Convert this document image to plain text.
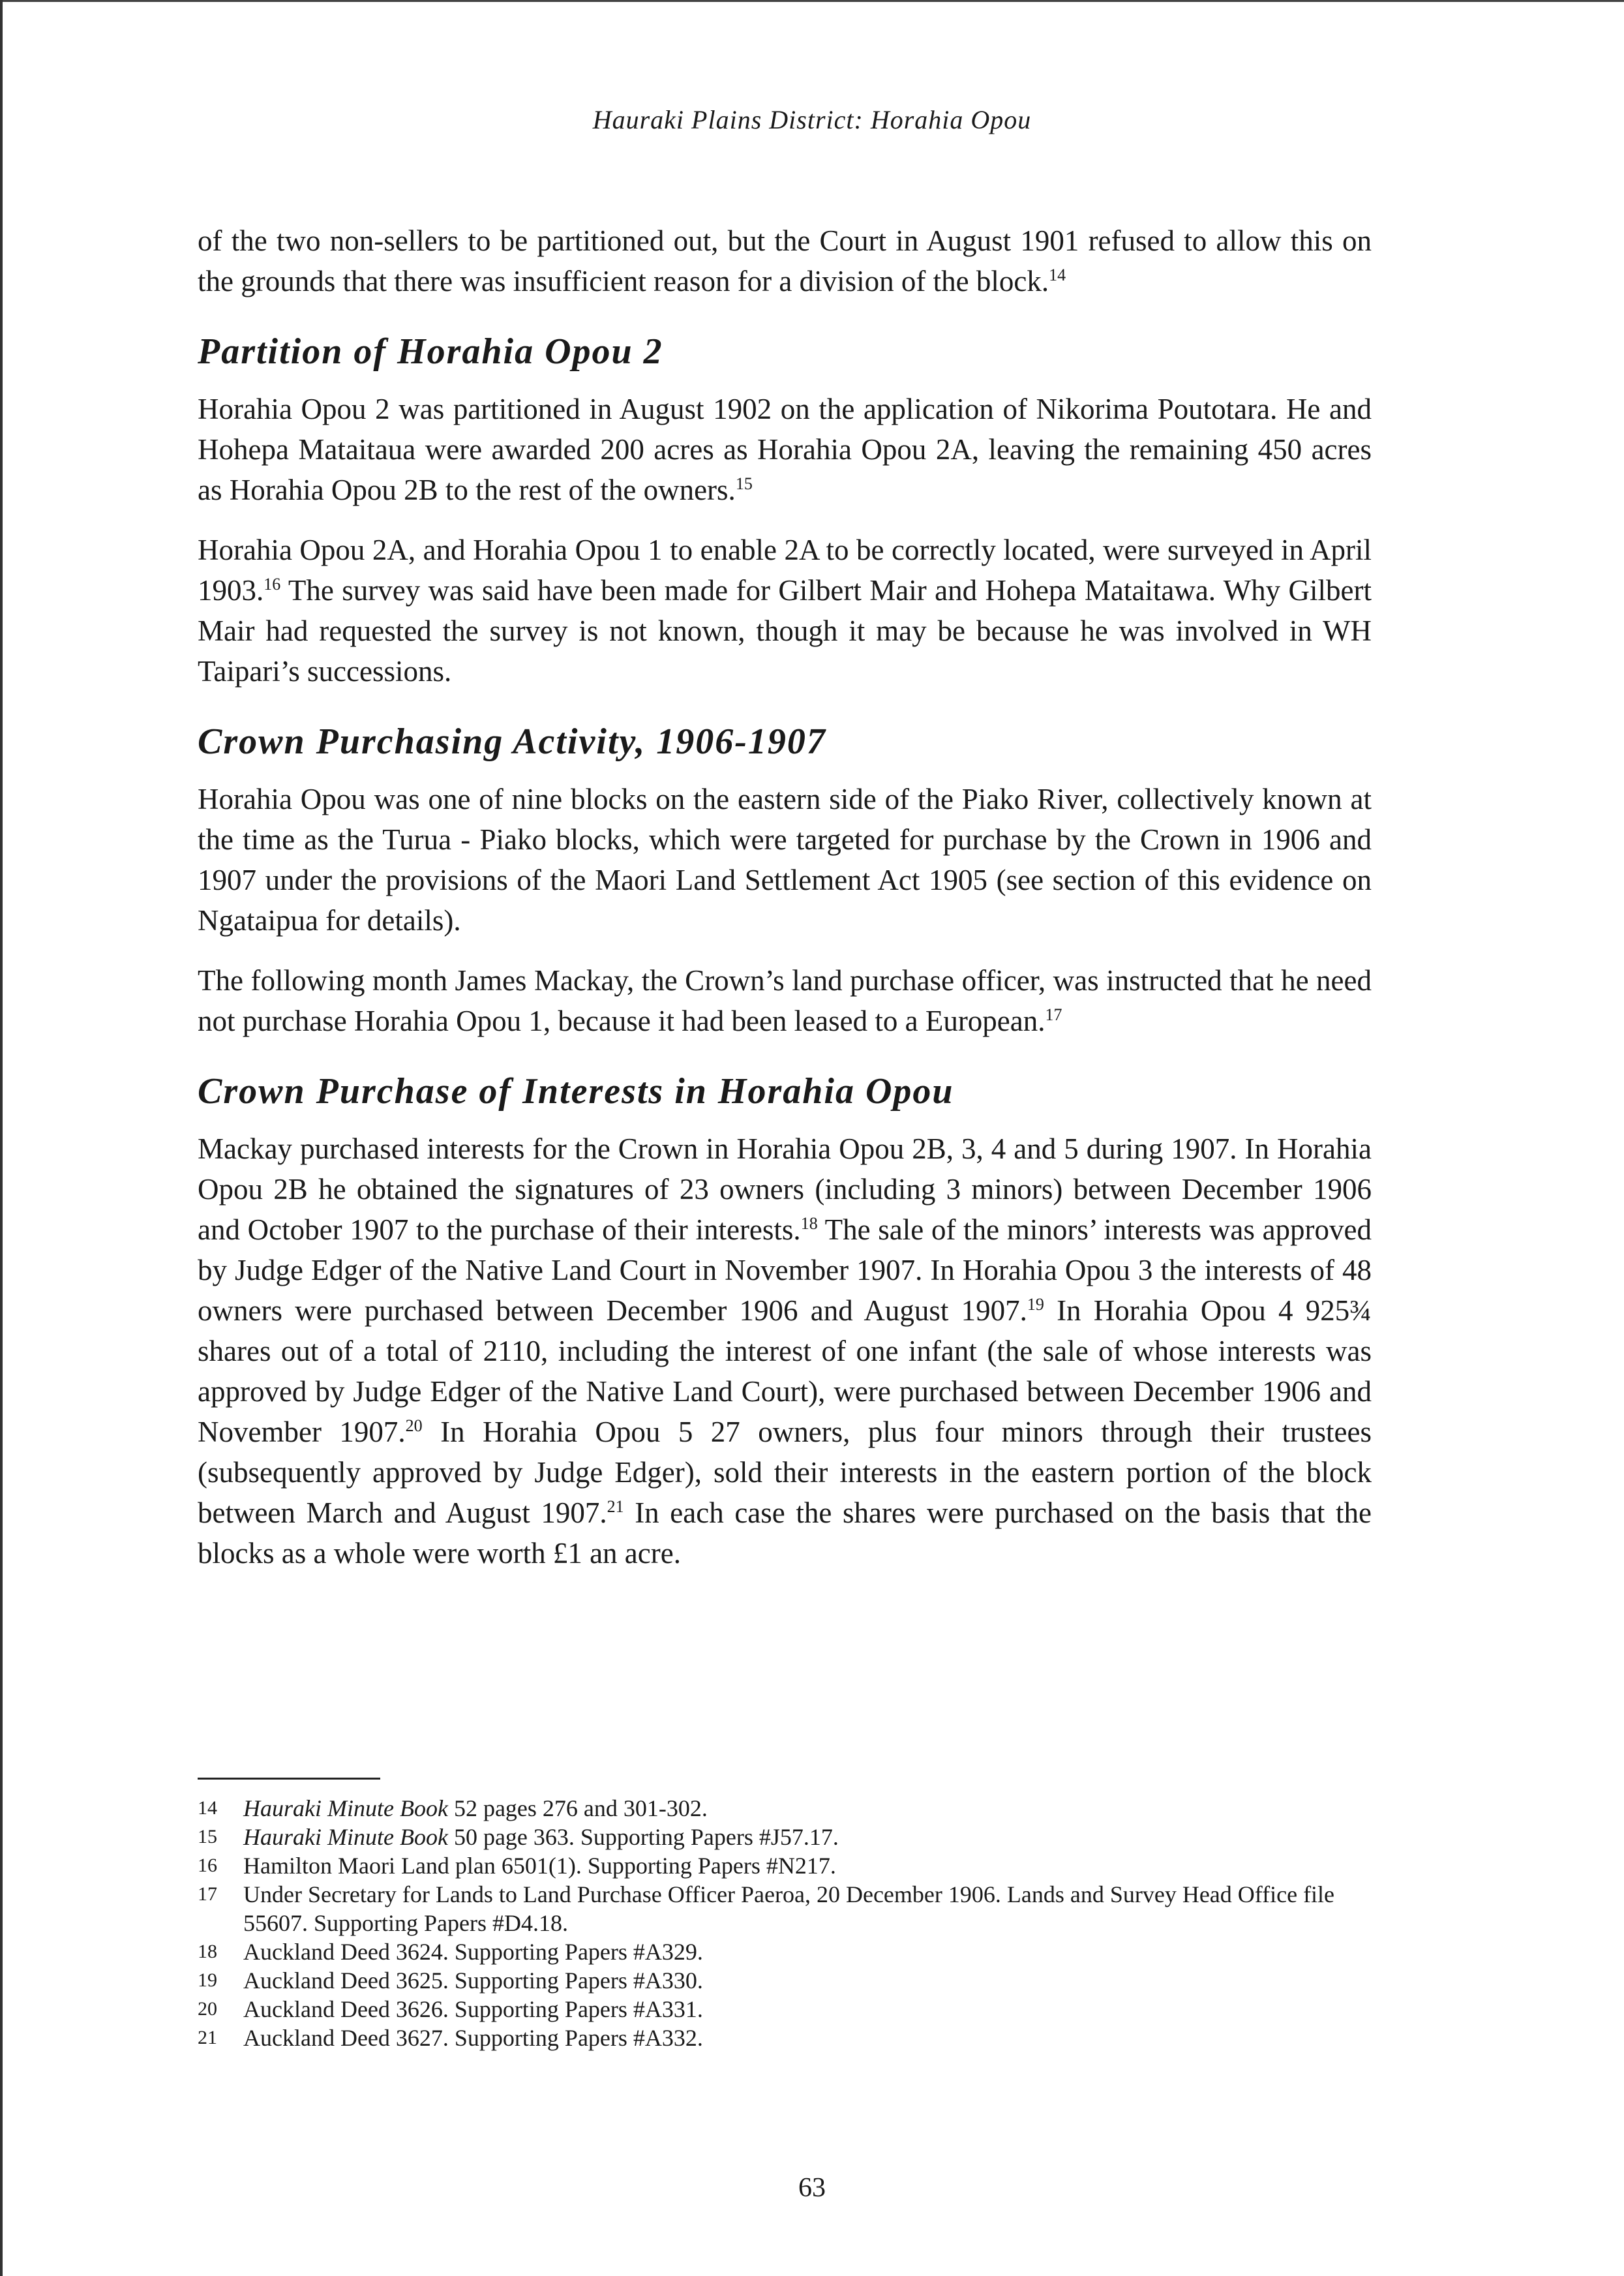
Hauraki Plains District: Horahia Opou

of the two non-sellers to be partitioned out, but the Court in August 1901 refused to allow this on the grounds that there was insufficient reason for a division of the block.$^{14}$

Partition of Horahia Opou 2

Horahia Opou 2 was partitioned in August 1902 on the application of Nikorima Poutotara. He and Hohepa Mataitaua were awarded 200 acres as Horahia Opou 2A, leaving the remaining 450 acres as Horahia Opou 2B to the rest of the owners.$^{15}$

Horahia Opou 2A, and Horahia Opou 1 to enable 2A to be correctly located, were surveyed in April 1903.16 The survey was said have been made for Gilbert Mair and Hohepa Mataitawa. Why Gilbert Mair had requested the survey is not known, though it may be because he was involved in WH Taipari’s successions.

Crown Purchasing Activity, 1906-1907

Horahia Opou was one of nine blocks on the eastern side of the Piako River, collectively known at the time as the Turua - Piako blocks, which were targeted for purchase by the Crown in 1906 and 1907 under the provisions of the Maori Land Settlement Act 1905 (see section of this evidence on Ngataipua for details).

The following month James Mackay, the Crown’s land purchase officer, was instructed that he need not purchase Horahia Opou 1, because it had been leased to a European.$^{17}$

Crown Purchase of Interests in Horahia Opou

Mackay purchased interests for the Crown in Horahia Opou 2B, 3, 4 and 5 during 1907. In Horahia Opou 2B he obtained the signatures of 23 owners (including 3 minors) between December 1906 and October 1907 to the purchase of their interests.$^{18}$ The sale of the minors’ interests was approved by Judge Edger of the Native Land Court in November 1907. In Horahia Opou 3 the interests of 48 owners were purchased between December 1906 and August 1907.19 In Horahia Opou 4 925¾ shares out of a total of 2110, including the interest of one infant (the sale of whose interests was approved by Judge Edger of the Native Land Court), were purchased between December 1906 and November 1907.20 In Horahia Opou 5 27 owners, plus four minors through their trustees (subsequently approved by Judge Edger), sold their interests in the eastern portion of the block between March and August 1907.21 In each case the shares were purchased on the basis that the blocks as a whole were worth £1 an acre.

14	Hauraki Minute Book 52 pages 276 and 301-302.
15	Hauraki Minute Book 50 page 363. Supporting Papers #J57.17.
16	Hamilton Maori Land plan 6501(1). Supporting Papers #N217.
17	Under Secretary for Lands to Land Purchase Officer Paeroa, 20 December 1906. Lands and Survey Head Office file 55607. Supporting Papers #D4.18.
18	Auckland Deed 3624. Supporting Papers #A329.
19	Auckland Deed 3625. Supporting Papers #A330.
20	Auckland Deed 3626. Supporting Papers #A331.
21	Auckland Deed 3627. Supporting Papers #A332.
63
